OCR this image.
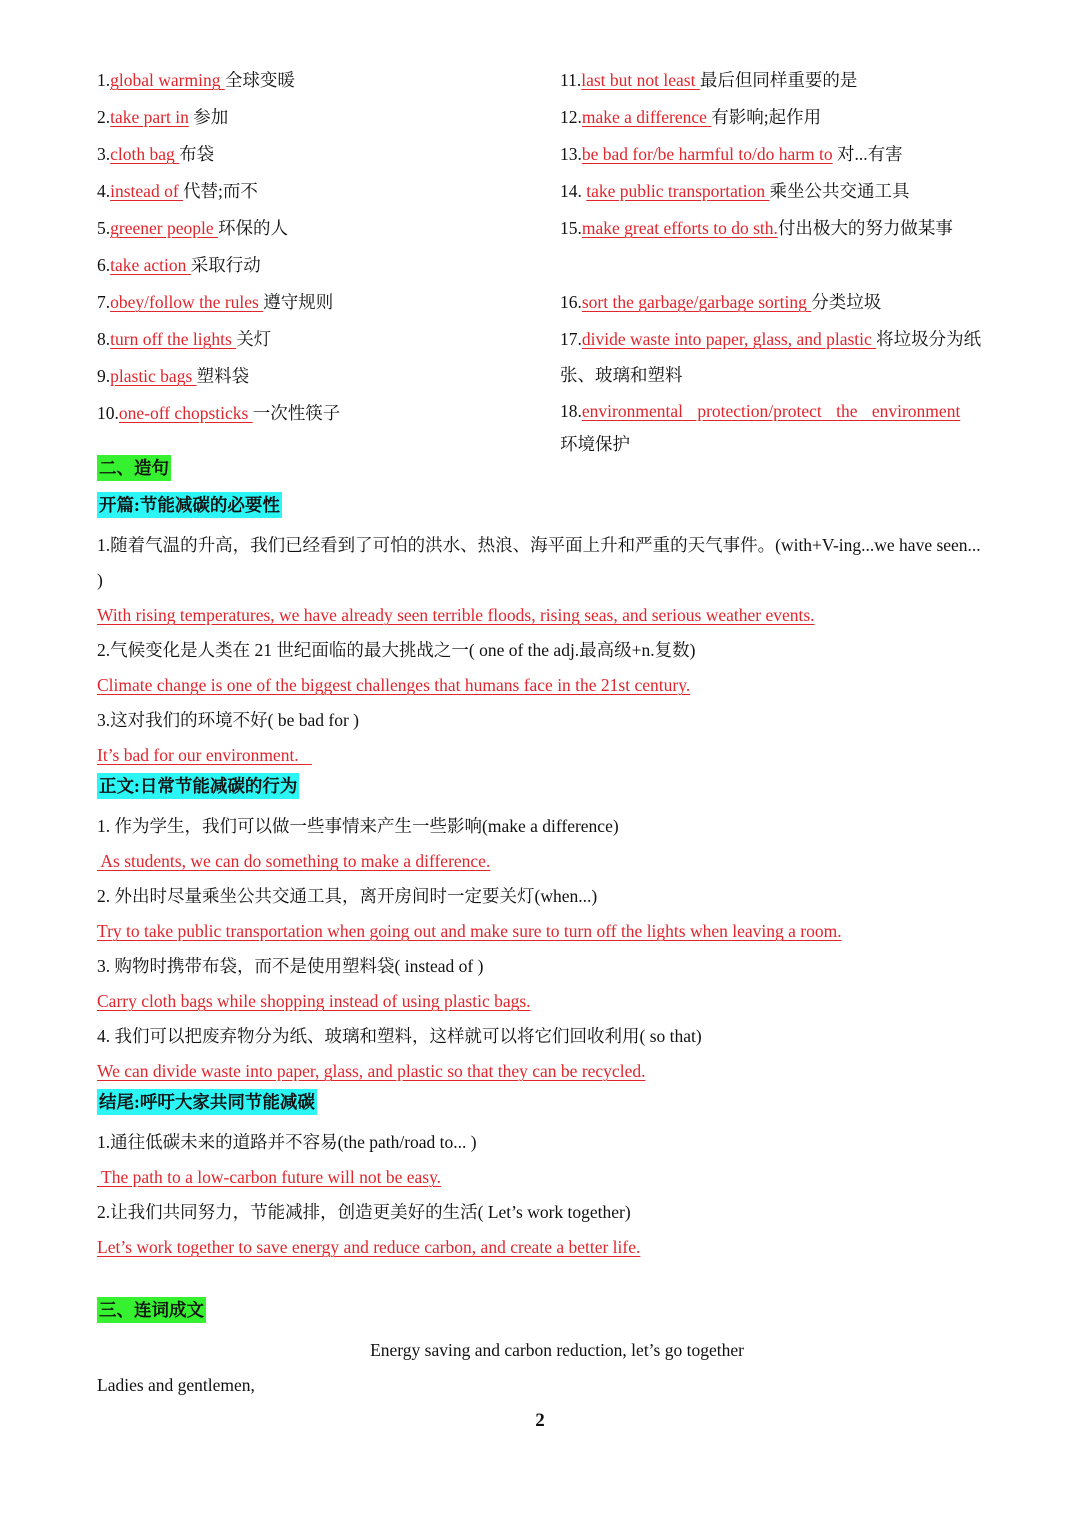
1.global warming 全球变暖
2.take part in 参加
3.cloth bag 布袋
4.instead of 代替;而不
5.greener people 环保的人
6.take action 采取行动
7.obey/follow the rules 遵守规则
8.turn off the lights 关灯
9.plastic bags 塑料袋
10.one-off chopsticks 一次性筷子
11.last but not least 最后但同样重要的是
12.make a difference 有影响;起作用
13.be bad for/be harmful to/do harm to 对...有害
14. take public transportation 乘坐公共交通工具
15.make great efforts to do sth.付出极大的努力做某事
16.sort the garbage/garbage sorting 分类垃圾
17.divide waste into paper, glass, and plastic 将垃圾分为纸张、玻璃和塑料
18.environmental protection/protect the environment
环境保护
二、造句
开篇:节能减碳的必要性
1.随着气温的升高，我们已经看到了可怕的洪水、热浪、海平面上升和严重的天气事件。(with+V-ing...we have seen... )
With rising temperatures, we have already seen terrible floods, rising seas, and serious weather events.
2.气候变化是人类在 21 世纪面临的最大挑战之一( one of the adj.最高级+n.复数)
Climate change is one of the biggest challenges that humans face in the 21st century.
3.这对我们的环境不好( be bad for )
It’s bad for our environment.
正文:日常节能减碳的行为
1. 作为学生，我们可以做一些事情来产生一些影响(make a difference)
As students, we can do something to make a difference.
2. 外出时尽量乘坐公共交通工具，离开房间时一定要关灯(when...)
Try to take public transportation when going out and make sure to turn off the lights when leaving a room.
3. 购物时携带布袋，而不是使用塑料袋( instead of )
Carry cloth bags while shopping instead of using plastic bags.
4. 我们可以把废弃物分为纸、玻璃和塑料，这样就可以将它们回收利用( so that)
We can divide waste into paper, glass, and plastic so that they can be recycled.
结尾:呼吁大家共同节能减碳
1.通往低碳未来的道路并不容易(the path/road to... )
The path to a low-carbon future will not be easy.
2.让我们共同努力，节能减排，创造更美好的生活( Let’s work together)
Let’s work together to save energy and reduce carbon, and create a better life.
三、连词成文
Energy saving and carbon reduction, let’s go together
Ladies and gentlemen,
2
